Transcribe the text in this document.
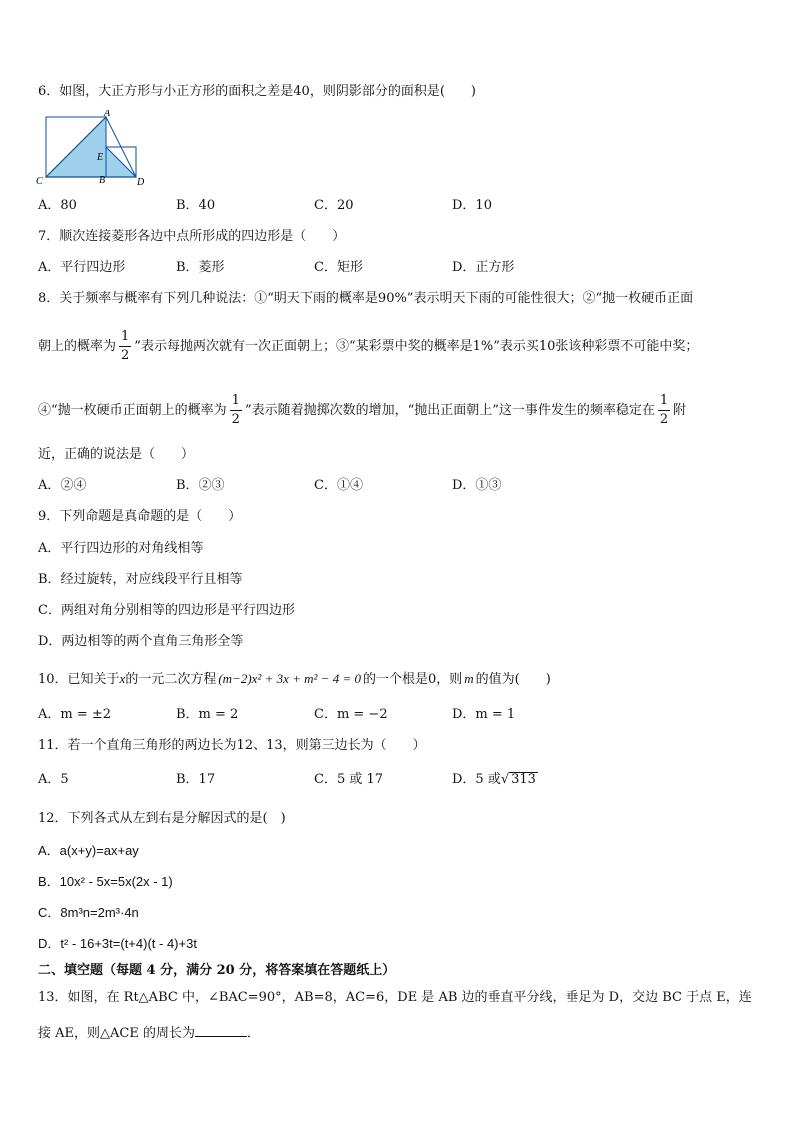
6．如图，大正方形与小正方形的面积之差是40，则阴影部分的面积是(　　)
A
B
C	D
E
A．80	B．40	C．20	D．10
7．顺次连接菱形各边中点所形成的四边形是（　　）
A．平行四边形	B．菱形	C．矩形	D．正方形
8．关于频率与概率有下列几种说法：①“明天下雨的概率是90%”表示明天下雨的可能性很大；②“抛一枚硬币正面
朝上的概率为 $\frac{1}{2}$ ”表示每抛两次就有一次正面朝上；③“某彩票中奖的概率是1%”表示买10张该种彩票不可能中奖；
④“抛一枚硬币正面朝上的概率为 $\frac{1}{2}$ ”表示随着抛掷次数的增加，“抛出正面朝上”这一事件发生的频率稳定在 $\frac{1}{2}$ 附
近，正确的说法是（　　）
A．②④	B．②③	C．①④	D．①③
9．下列命题是真命题的是（　　）
A．平行四边形的对角线相等
B．经过旋转，对应线段平行且相等
C．两组对角分别相等的四边形是平行四边形
D．两边相等的两个直角三角形全等
10．已知关于x的一元二次方程 (m−2)x² + 3x + m² − 4 = 0 的一个根是0，则 m 的值为(　　)
A．m = ±2	B．m = 2	C．m = −2	D．m = 1
11．若一个直角三角形的两边长为12、13，则第三边长为（　　）
A．5	B．17	C．5 或 17	D．5 或√ 313
12．下列各式从左到右是分解因式的是(　)
A．a(x+y)=ax+ay
B．10x² - 5x=5x(2x - 1)
C．8m³n=2m³·4n
D．t² - 16+3t=(t+4)(t - 4)+3t
二、填空题（每题 4 分，满分 20 分，将答案填在答题纸上）
13．如图，在 Rt△ABC 中，∠BAC=90°，AB=8，AC=6，DE 是 AB 边的垂直平分线，垂足为 D，交边 BC 于点 E，连
接 AE，则△ACE 的周长为	．
